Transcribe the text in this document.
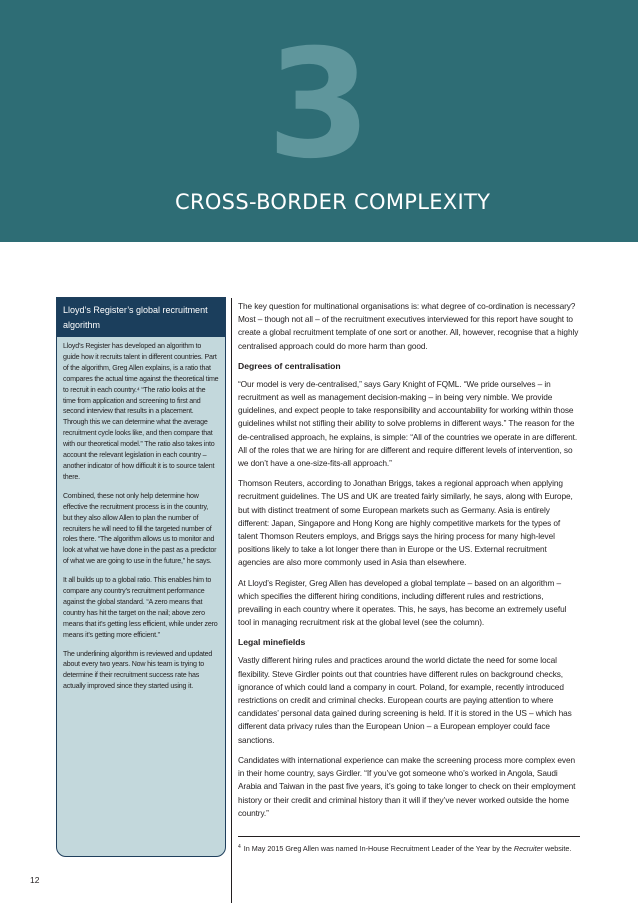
3
CROSS-BORDER COMPLEXITY
Lloyd’s Register’s global recruitment algorithm

Lloyd’s Register has developed an algorithm to guide how it recruits talent in different countries. Part of the algorithm, Greg Allen explains, is a ratio that compares the actual time against the theoretical time to recruit in each country.⁴ “The ratio looks at the time from application and screening to first and second interview that results in a placement. Through this we can determine what the average recruitment cycle looks like, and then compare that with our theoretical model.” The ratio also takes into account the relevant legislation in each country – another indicator of how difficult it is to source talent there.

Combined, these not only help determine how effective the recruitment process is in the country, but they also allow Allen to plan the number of recruiters he will need to fill the targeted number of roles there. “The algorithm allows us to monitor and look at what we have done in the past as a predictor of what we are going to use in the future,” he says.

It all builds up to a global ratio. This enables him to compare any country’s recruitment performance against the global standard. “A zero means that country has hit the target on the nail; above zero means that it’s getting less efficient, while under zero means it’s getting more efficient.”

The underlining algorithm is reviewed and updated about every two years. Now his team is trying to determine if their recruitment success rate has actually improved since they started using it.

The key question for multinational organisations is: what degree of co-ordination is necessary? Most – though not all – of the recruitment executives interviewed for this report have sought to create a global recruitment template of one sort or another. All, however, recognise that a highly centralised approach could do more harm than good.

Degrees of centralisation

“Our model is very de-centralised,” says Gary Knight of FQML. “We pride ourselves – in recruitment as well as management decision-making – in being very nimble. We provide guidelines, and expect people to take responsibility and accountability for working within those guidelines whilst not stifling their ability to solve problems in different ways.” The reason for the de-centralised approach, he explains, is simple: “All of the countries we operate in are different. All of the roles that we are hiring for are different and require different levels of intervention, so we don’t have a one-size-fits-all approach.”

Thomson Reuters, according to Jonathan Briggs, takes a regional approach when applying recruitment guidelines. The US and UK are treated fairly similarly, he says, along with Europe, but with distinct treatment of some European markets such as Germany. Asia is entirely different: Japan, Singapore and Hong Kong are highly competitive markets for the types of talent Thomson Reuters employs, and Briggs says the hiring process for many high-level positions likely to take a lot longer there than in Europe or the US. External recruitment agencies are also more commonly used in Asia than elsewhere.

At Lloyd’s Register, Greg Allen has developed a global template – based on an algorithm – which specifies the different hiring conditions, including different rules and restrictions, prevailing in each country where it operates. This, he says, has become an extremely useful tool in managing recruitment risk at the global level (see the column).

Legal minefields

Vastly different hiring rules and practices around the world dictate the need for some local flexibility. Steve Girdler points out that countries have different rules on background checks, ignorance of which could land a company in court. Poland, for example, recently introduced restrictions on credit and criminal checks. European courts are paying attention to where candidates’ personal data gained during screening is held. If it is stored in the US – which has different data privacy rules than the European Union – a European employer could face sanctions.

Candidates with international experience can make the screening process more complex even in their home country, says Girdler. “If you’ve got someone who’s worked in Angola, Saudi Arabia and Taiwan in the past five years, it’s going to take longer to check on their employment history or their credit and criminal history than it will if they’ve never worked outside the home country.”

$^4$ In May 2015 Greg Allen was named In-House Recruitment Leader of the Year by the Recruiter website.
12
